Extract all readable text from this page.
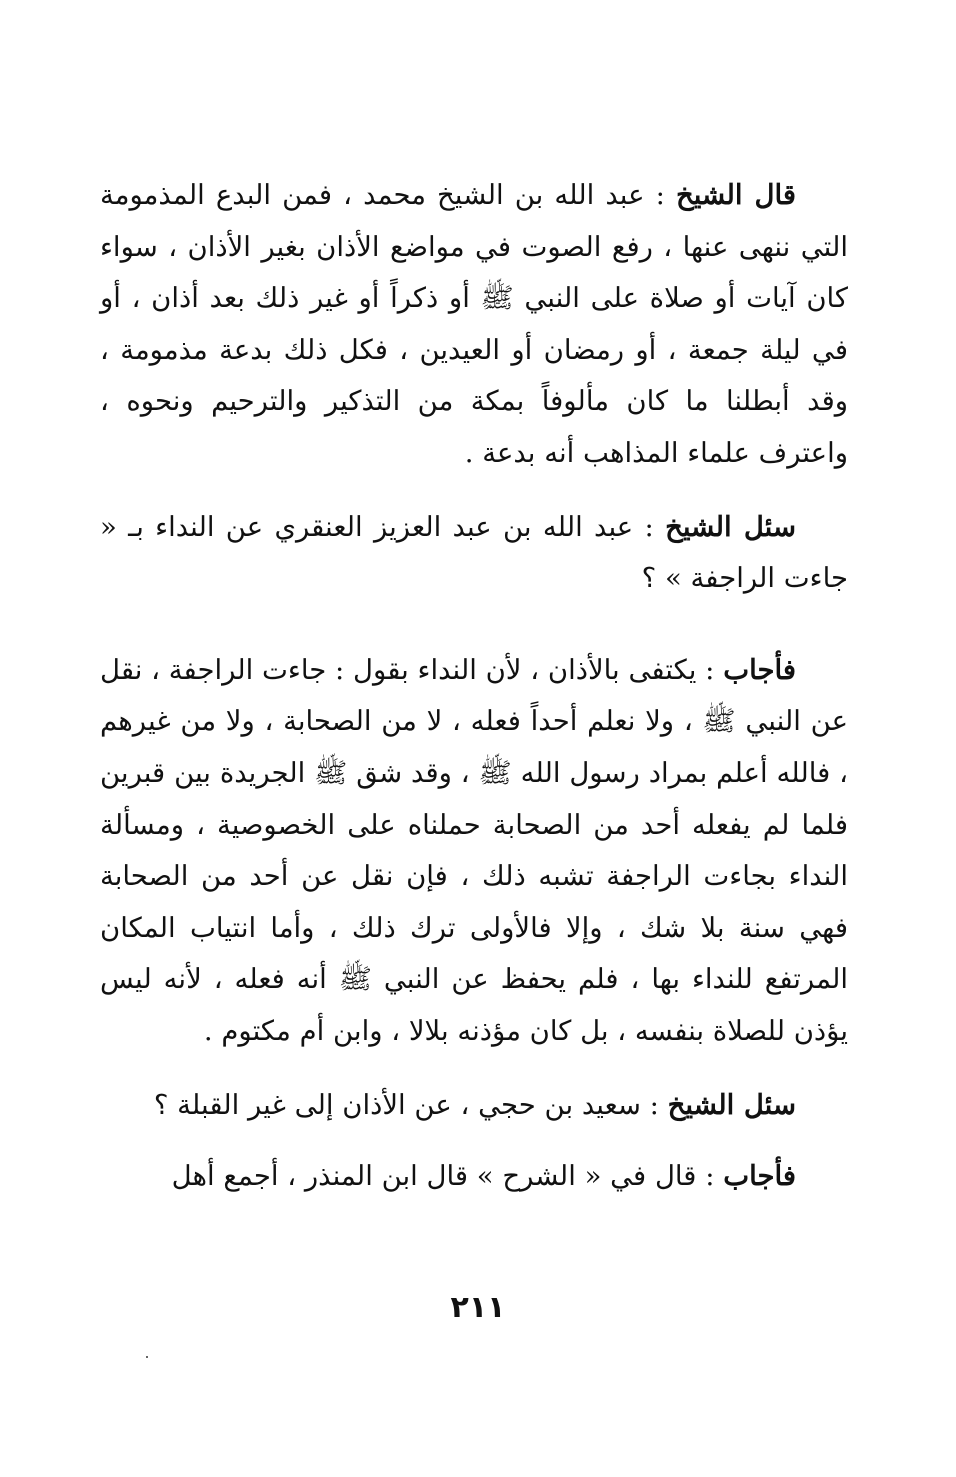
قال الشيخ : عبد الله بن الشيخ محمد ، فمن البدع المذمومة التي ننهى عنها ، رفع الصوت في مواضع الأذان بغير الأذان ، سواء كان آيات أو صلاة على النبي ﷺ أو ذكراً أو غير ذلك بعد أذان ، أو في ليلة جمعة ، أو رمضان أو العيدين ، فكل ذلك بدعة مذمومة ، وقد أبطلنا ما كان مألوفاً بمكة من التذكير والترحيم ونحوه ، واعترف علماء المذاهب أنه بدعة .

سئل الشيخ : عبد الله بن عبد العزيز العنقري عن النداء بـ « جاءت الراجفة » ؟

فأجاب : يكتفى بالأذان ، لأن النداء بقول : جاءت الراجفة ، نقل عن النبي ﷺ ، ولا نعلم أحداً فعله ، لا من الصحابة ، ولا من غيرهم ، فالله أعلم بمراد رسول الله ﷺ ، وقد شق ﷺ الجريدة بين قبرين فلما لم يفعله أحد من الصحابة حملناه على الخصوصية ، ومسألة النداء بجاءت الراجفة تشبه ذلك ، فإن نقل عن أحد من الصحابة فهي سنة بلا شك ، وإلا فالأولى ترك ذلك ، وأما انتياب المكان المرتفع للنداء بها ، فلم يحفظ عن النبي ﷺ أنه فعله ، لأنه ليس يؤذن للصلاة بنفسه ، بل كان مؤذنه بلالا ، وابن أم مكتوم .

سئل الشيخ : سعيد بن حجي ، عن الأذان إلى غير القبلة ؟

فأجاب : قال في « الشرح » قال ابن المنذر ، أجمع أهل

٢١١
